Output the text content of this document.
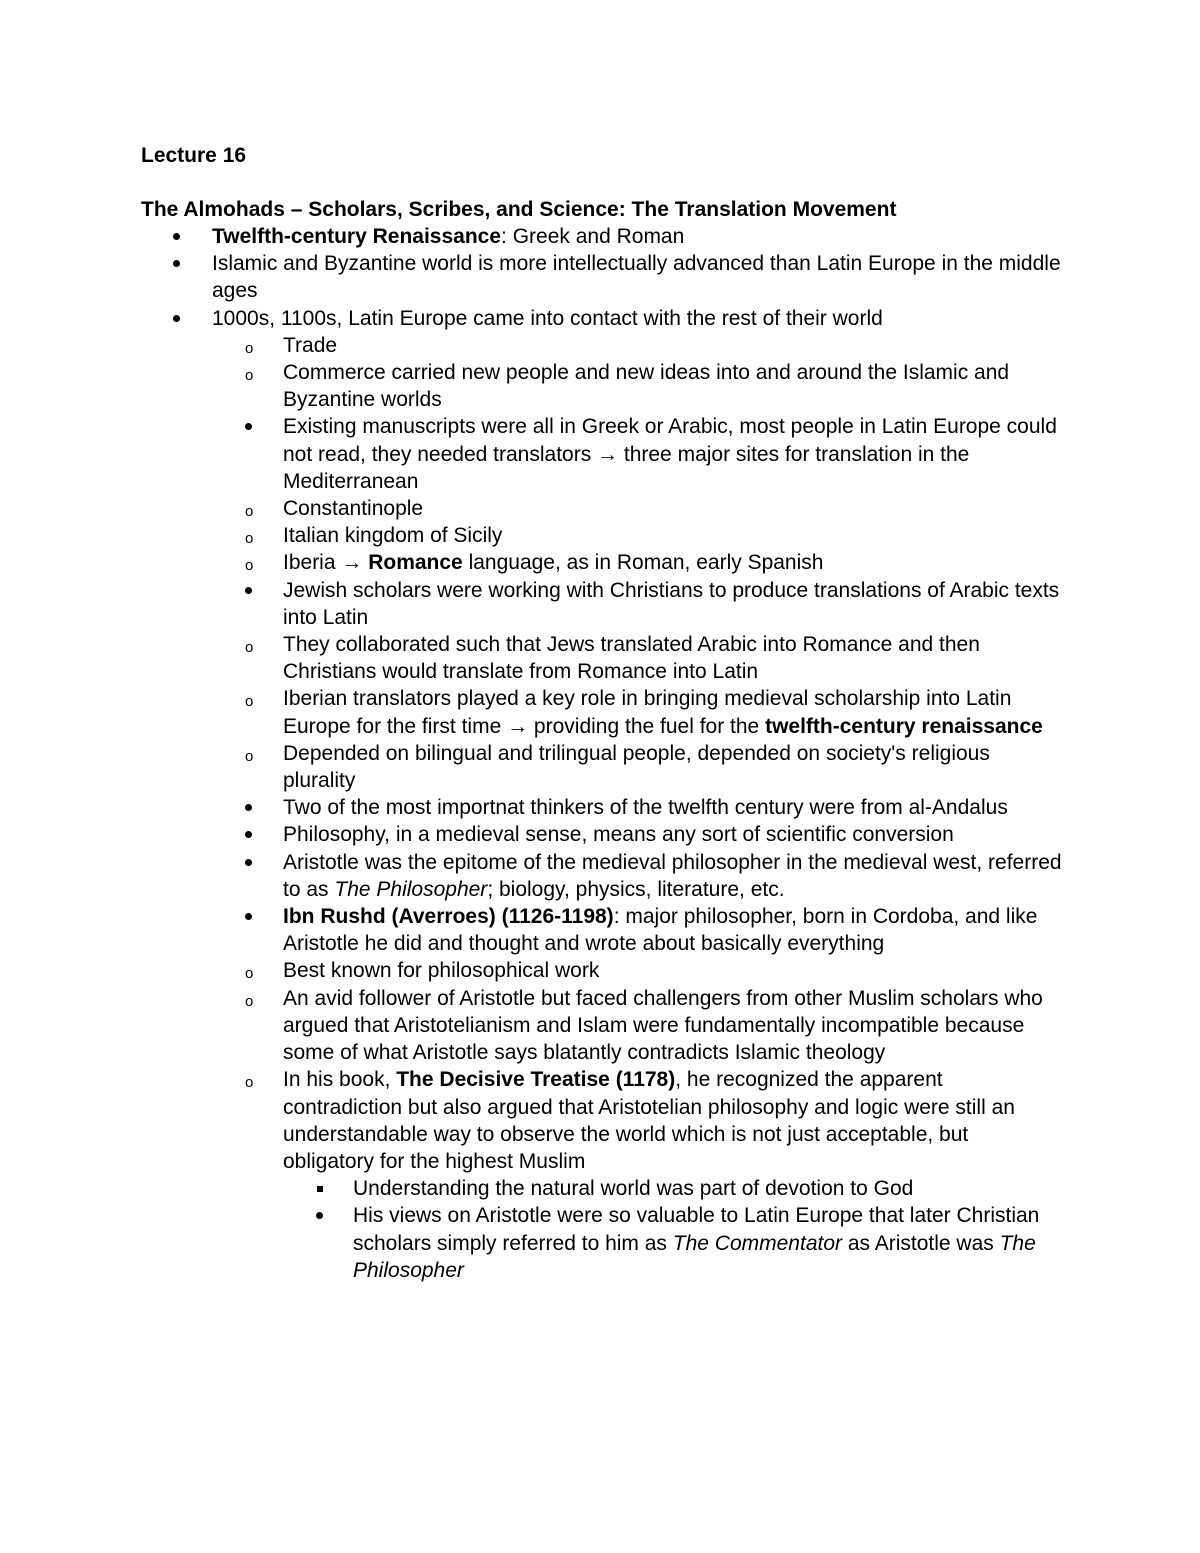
Lecture 16
The Almohads – Scholars, Scribes, and Science: The Translation Movement
Twelfth-century Renaissance: Greek and Roman
Islamic and Byzantine world is more intellectually advanced than Latin Europe in the middle ages
1000s, 1100s, Latin Europe came into contact with the rest of their world
o Trade
o Commerce carried new people and new ideas into and around the Islamic and Byzantine worlds
Existing manuscripts were all in Greek or Arabic, most people in Latin Europe could not read, they needed translators → three major sites for translation in the Mediterranean
o Constantinople
o Italian kingdom of Sicily
o Iberia → Romance language, as in Roman, early Spanish
Jewish scholars were working with Christians to produce translations of Arabic texts into Latin
o They collaborated such that Jews translated Arabic into Romance and then Christians would translate from Romance into Latin
o Iberian translators played a key role in bringing medieval scholarship into Latin Europe for the first time → providing the fuel for the twelfth-century renaissance
o Depended on bilingual and trilingual people, depended on society's religious plurality
Two of the most importnat thinkers of the twelfth century were from al-Andalus
Philosophy, in a medieval sense, means any sort of scientific conversion
Aristotle was the epitome of the medieval philosopher in the medieval west, referred to as The Philosopher; biology, physics, literature, etc.
Ibn Rushd (Averroes) (1126-1198): major philosopher, born in Cordoba, and like Aristotle he did and thought and wrote about basically everything
o Best known for philosophical work
o An avid follower of Aristotle but faced challengers from other Muslim scholars who argued that Aristotelianism and Islam were fundamentally incompatible because some of what Aristotle says blatantly contradicts Islamic theology
o In his book, The Decisive Treatise (1178), he recognized the apparent contradiction but also argued that Aristotelian philosophy and logic were still an understandable way to observe the world which is not just acceptable, but obligatory for the highest Muslim
Understanding the natural world was part of devotion to God
His views on Aristotle were so valuable to Latin Europe that later Christian scholars simply referred to him as The Commentator as Aristotle was The Philosopher
